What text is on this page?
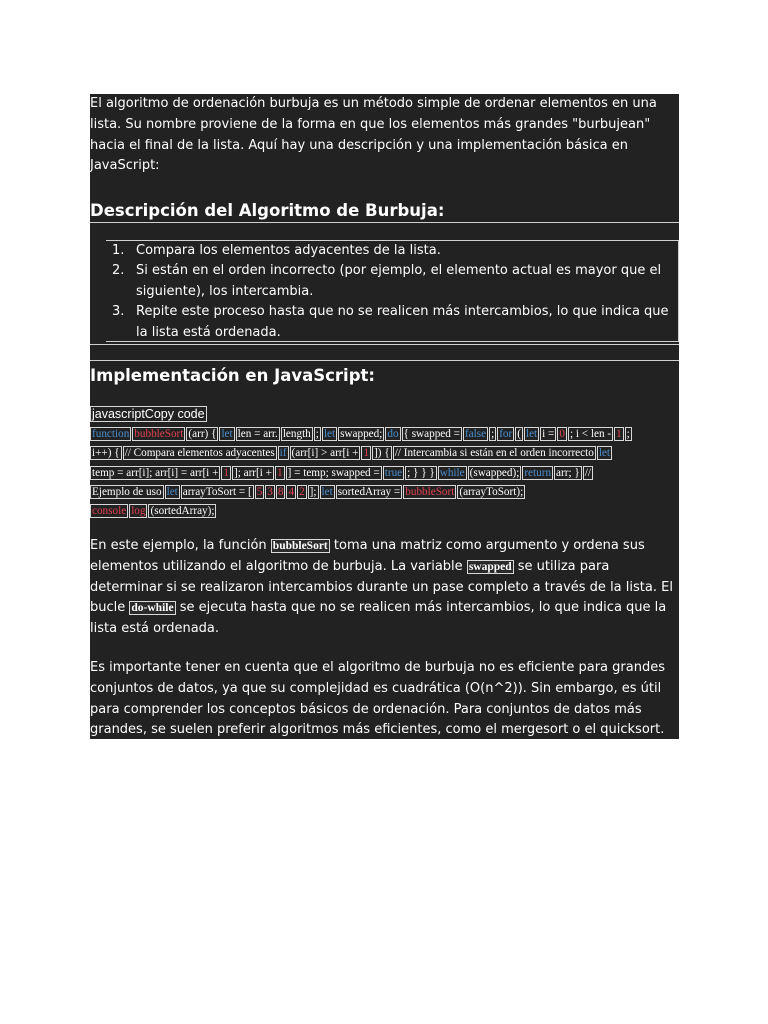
El algoritmo de ordenación burbuja es un método simple de ordenar elementos en una lista. Su nombre proviene de la forma en que los elementos más grandes "burbujean" hacia el final de la lista. Aquí hay una descripción y una implementación básica en JavaScript:

Descripción del Algoritmo de Burbuja:
1. Compara los elementos adyacentes de la lista.
2. Si están en el orden incorrecto (por ejemplo, el elemento actual es mayor que el siguiente), los intercambia.
3. Repite este proceso hasta que no se realicen más intercambios, lo que indica que la lista está ordenada.
Implementación en JavaScript:
javascriptCopy code
function bubbleSort (arr) { let len = arr. length ; let swapped; do { swapped = false ; for ( let i = 0 ; i < len - 1 ;
i++) { // Compara elementos adyacentes if (arr[i] > arr[i + 1 ]) { // Intercambia si están en el orden incorrecto let
temp = arr[i]; arr[i] = arr[i + 1 ]; arr[i + 1 ] = temp; swapped = true ; } } } while (swapped); return arr; } //
Ejemplo de uso let arrayToSort = [ 5 3 8 4 2 ]; let sortedArray = bubbleSort (arrayToSort);
console log (sortedArray);

En este ejemplo, la función bubbleSort toma una matriz como argumento y ordena sus elementos utilizando el algoritmo de burbuja. La variable swapped se utiliza para determinar si se realizaron intercambios durante un pase completo a través de la lista. El bucle do-while se ejecuta hasta que no se realicen más intercambios, lo que indica que la lista está ordenada.

Es importante tener en cuenta que el algoritmo de burbuja no es eficiente para grandes conjuntos de datos, ya que su complejidad es cuadrática (O(n^2)). Sin embargo, es útil para comprender los conceptos básicos de ordenación. Para conjuntos de datos más grandes, se suelen preferir algoritmos más eficientes, como el mergesort o el quicksort.
